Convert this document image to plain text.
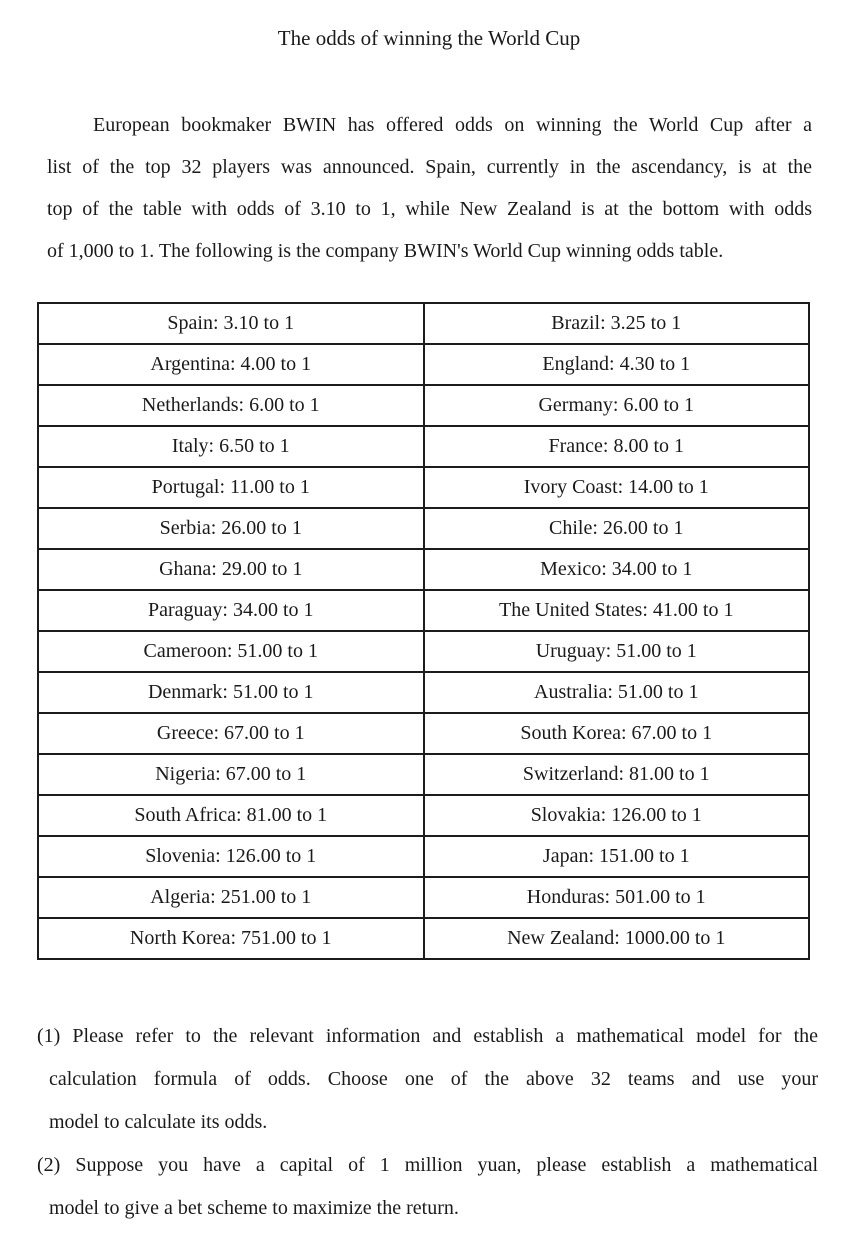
The odds of winning the World Cup
European bookmaker BWIN has offered odds on winning the World Cup after a
list of the top 32 players was announced. Spain, currently in the ascendancy, is at the
top of the table with odds of 3.10 to 1, while New Zealand is at the bottom with odds
of 1,000 to 1. The following is the company BWIN's World Cup winning odds table.
Spain: 3.10 to 1	Brazil: 3.25 to 1
Argentina: 4.00 to 1	England: 4.30 to 1
Netherlands: 6.00 to 1	Germany: 6.00 to 1
Italy: 6.50 to 1	France: 8.00 to 1
Portugal: 11.00 to 1	Ivory Coast: 14.00 to 1
Serbia: 26.00 to 1	Chile: 26.00 to 1
Ghana: 29.00 to 1	Mexico: 34.00 to 1
Paraguay: 34.00 to 1	The United States: 41.00 to 1
Cameroon: 51.00 to 1	Uruguay: 51.00 to 1
Denmark: 51.00 to 1	Australia: 51.00 to 1
Greece: 67.00 to 1	South Korea: 67.00 to 1
Nigeria: 67.00 to 1	Switzerland: 81.00 to 1
South Africa: 81.00 to 1	Slovakia: 126.00 to 1
Slovenia: 126.00 to 1	Japan: 151.00 to 1
Algeria: 251.00 to 1	Honduras: 501.00 to 1
North Korea: 751.00 to 1	New Zealand: 1000.00 to 1
(1) Please refer to the relevant information and establish a mathematical model for the
calculation formula of odds. Choose one of the above 32 teams and use your
model to calculate its odds.
(2) Suppose you have a capital of 1 million yuan, please establish a mathematical
model to give a bet scheme to maximize the return.
